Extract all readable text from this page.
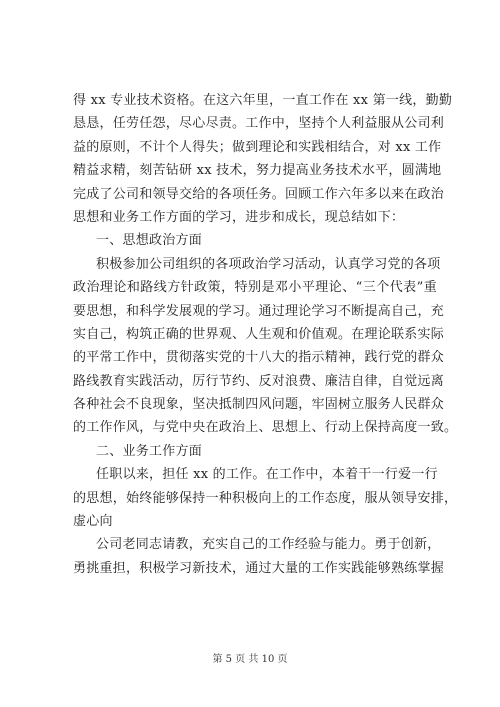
得 xx 专业技术资格。在这六年里，一直工作在 xx 第一线，勤勤
恳恳，任劳任怨，尽心尽责。工作中，坚持个人利益服从公司利
益的原则，不计个人得失；做到理论和实践相结合，对 xx 工作
精益求精，刻苦钻研 xx 技术，努力提高业务技术水平，圆满地
完成了公司和领导交给的各项任务。回顾工作六年多以来在政治
思想和业务工作方面的学习，进步和成长，现总结如下：
一、思想政治方面
积极参加公司组织的各项政治学习活动，认真学习党的各项
政治理论和路线方针政策，特别是邓小平理论、“三个代表”重
要思想，和科学发展观的学习。通过理论学习不断提高自己，充
实自己，构筑正确的世界观、人生观和价值观。在理论联系实际
的平常工作中，贯彻落实党的十八大的指示精神，践行党的群众
路线教育实践活动，厉行节约、反对浪费、廉洁自律，自觉远离
各种社会不良现象，坚决抵制四风问题，牢固树立服务人民群众
的工作作风，与党中央在政治上、思想上、行动上保持高度一致。
二、业务工作方面
任职以来，担任 xx 的工作。在工作中，本着干一行爱一行
的思想，始终能够保持一种积极向上的工作态度，服从领导安排，
虚心向
公司老同志请教，充实自己的工作经验与能力。勇于创新，
勇挑重担，积极学习新技术，通过大量的工作实践能够熟练掌握
第 5 页 共 10 页
